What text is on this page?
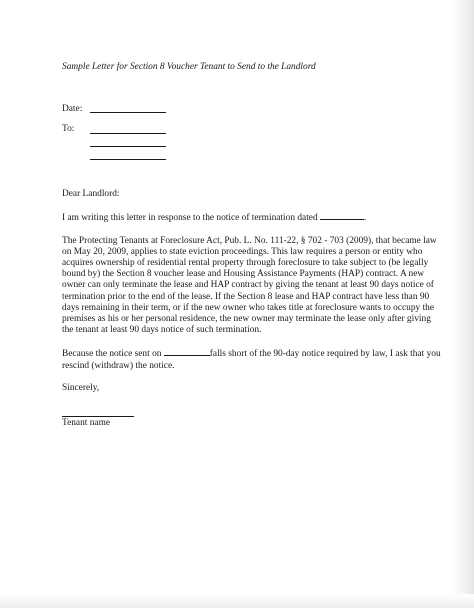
Sample Letter for Section 8 Voucher Tenant to Send to the Landlord
Date:
To:

Dear Landlord:

I am writing this letter in response to the notice of termination dated	.

The Protecting Tenants at Foreclosure Act, Pub. L. No. 111-22, § 702 - 703 (2009), that became law on May 20, 2009, applies to state eviction proceedings. This law requires a person or entity who acquires ownership of residential rental property through foreclosure to take subject to (be legally bound by) the Section 8 voucher lease and Housing Assistance Payments (HAP) contract. A new owner can only terminate the lease and HAP contract by giving the tenant at least 90 days notice of termination prior to the end of the lease. If the Section 8 lease and HAP contract have less than 90 days remaining in their term, or if the new owner who takes title at foreclosure wants to occupy the premises as his or her personal residence, the new owner may terminate the lease only after giving the tenant at least 90 days notice of such termination.

Because the notice sent on	falls short of the 90-day notice required by law, I ask that you rescind (withdraw) the notice.

Sincerely,

Tenant name
